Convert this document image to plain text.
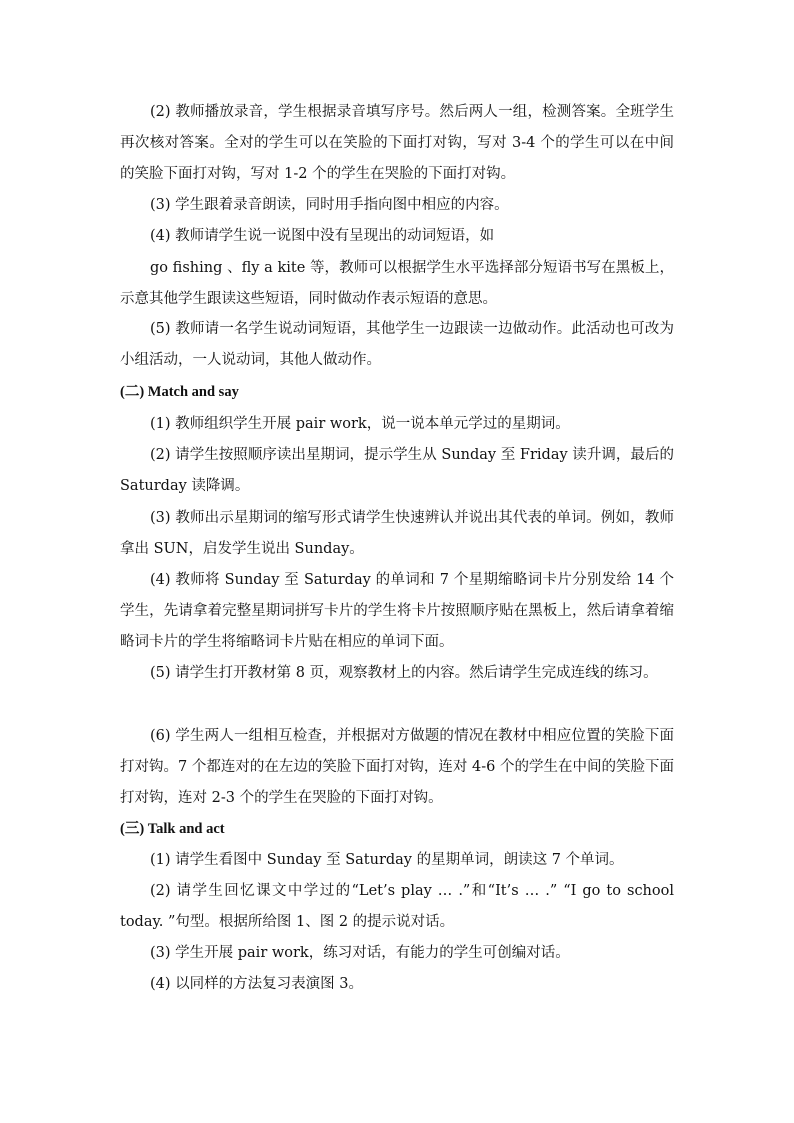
(2) 教师播放录音，学生根据录音填写序号。然后两人一组，检测答案。全班学生再次核对答案。全对的学生可以在笑脸的下面打对钩，写对 3-4 个的学生可以在中间的笑脸下面打对钩，写对 1-2 个的学生在哭脸的下面打对钩。

(3) 学生跟着录音朗读，同时用手指向图中相应的内容。

(4) 教师请学生说一说图中没有呈现出的动词短语，如

go fishing 、fly a kite 等，教师可以根据学生水平选择部分短语书写在黑板上，示意其他学生跟读这些短语，同时做动作表示短语的意思。

(5) 教师请一名学生说动词短语，其他学生一边跟读一边做动作。此活动也可改为小组活动，一人说动词，其他人做动作。

(二) Match and say

(1) 教师组织学生开展 pair work，说一说本单元学过的星期词。

(2) 请学生按照顺序读出星期词，提示学生从 Sunday 至 Friday 读升调，最后的 Saturday 读降调。

(3) 教师出示星期词的缩写形式请学生快速辨认并说出其代表的单词。例如，教师拿出 SUN，启发学生说出 Sunday。

(4) 教师将 Sunday 至 Saturday 的单词和 7 个星期缩略词卡片分别发给 14 个学生，先请拿着完整星期词拼写卡片的学生将卡片按照顺序贴在黑板上，然后请拿着缩略词卡片的学生将缩略词卡片贴在相应的单词下面。

(5) 请学生打开教材第 8 页，观察教材上的内容。然后请学生完成连线的练习。

(6) 学生两人一组相互检查，并根据对方做题的情况在教材中相应位置的笑脸下面打对钩。7 个都连对的在左边的笑脸下面打对钩，连对 4-6 个的学生在中间的笑脸下面打对钩，连对 2-3 个的学生在哭脸的下面打对钩。

(三) Talk and act

(1) 请学生看图中 Sunday 至 Saturday 的星期单词，朗读这 7 个单词。

(2) 请学生回忆课文中学过的“Let’s play … .”和“It’s … .” “I go to school today. ”句型。根据所给图 1、图 2 的提示说对话。

(3) 学生开展 pair work，练习对话，有能力的学生可创编对话。

(4) 以同样的方法复习表演图 3。
